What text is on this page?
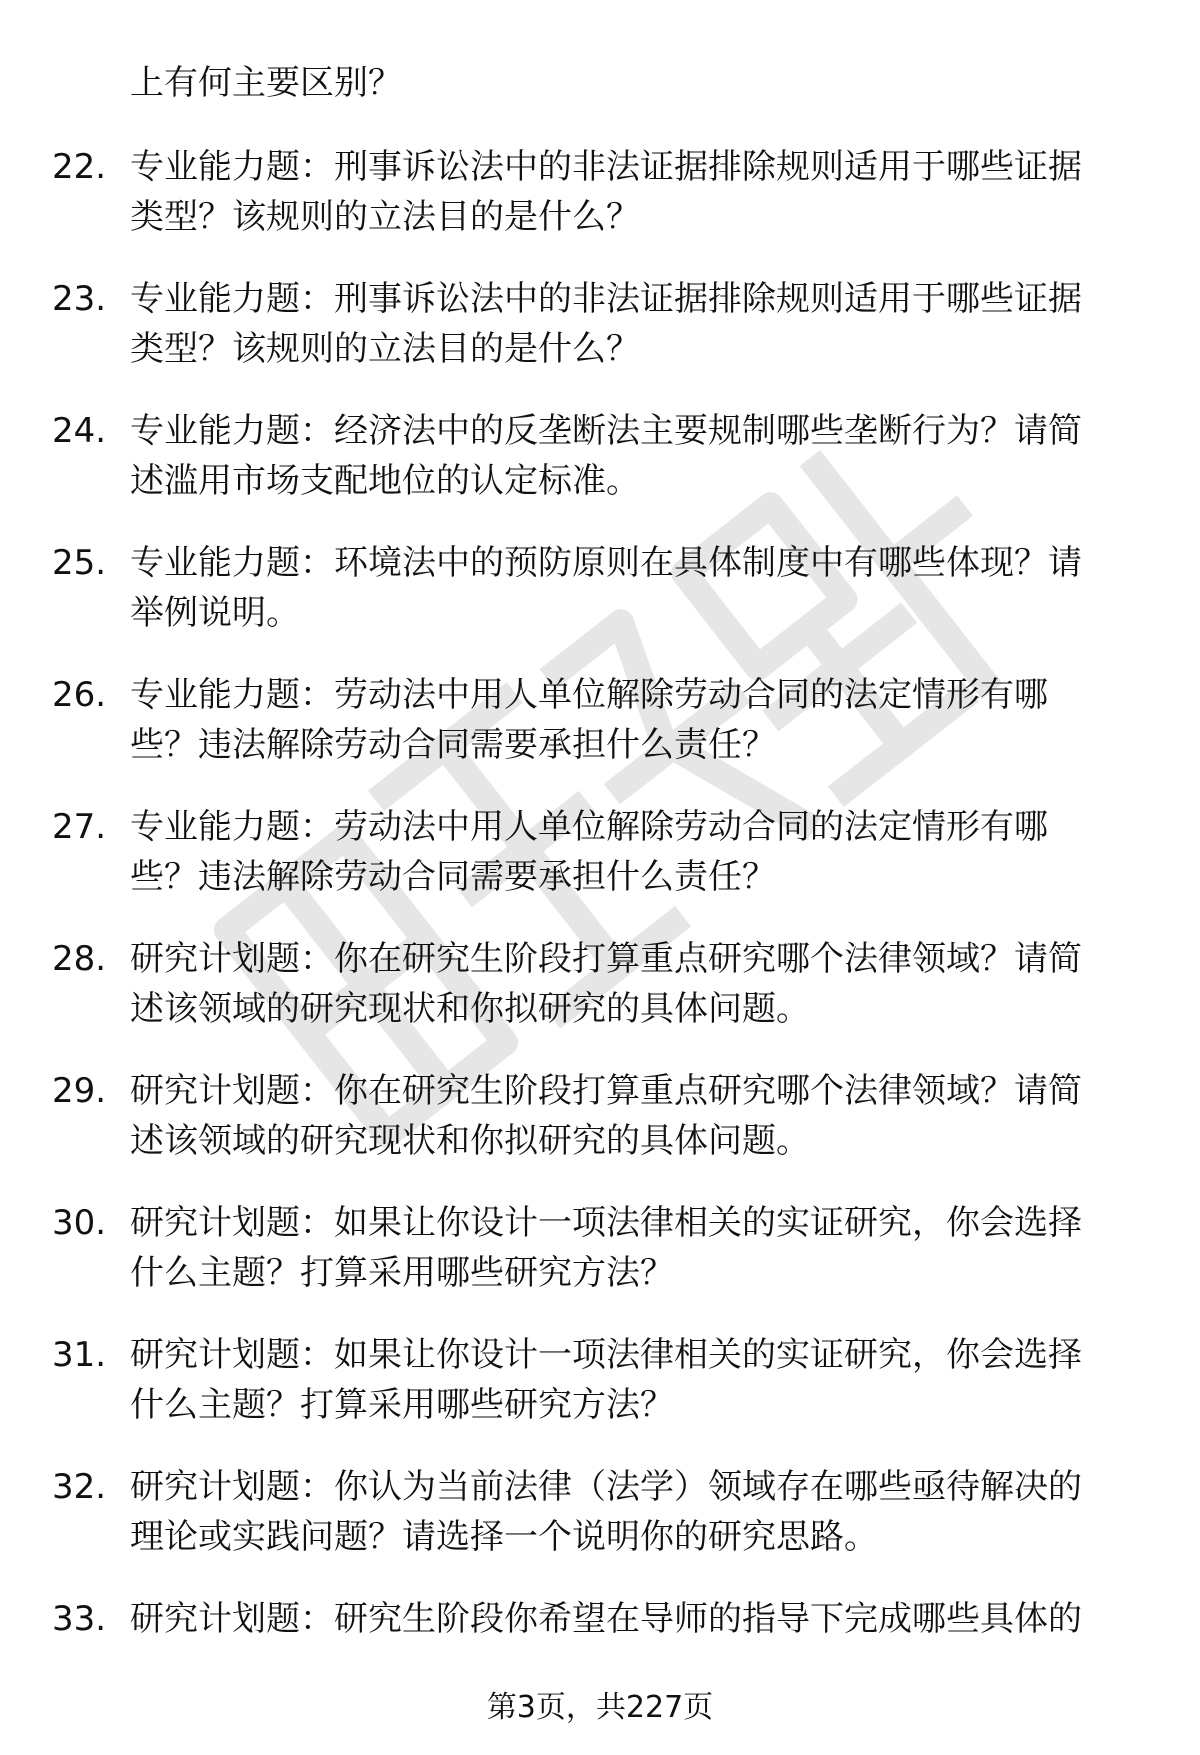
上有何主要区别？
22. 专业能力题：刑事诉讼法中的非法证据排除规则适用于哪些证据
类型？该规则的立法目的是什么？
23. 专业能力题：刑事诉讼法中的非法证据排除规则适用于哪些证据
类型？该规则的立法目的是什么？
24. 专业能力题：经济法中的反垄断法主要规制哪些垄断行为？请简
述滥用市场支配地位的认定标准。
25. 专业能力题：环境法中的预防原则在具体制度中有哪些体现？请
举例说明。
26. 专业能力题：劳动法中用人单位解除劳动合同的法定情形有哪
些？违法解除劳动合同需要承担什么责任？
27. 专业能力题：劳动法中用人单位解除劳动合同的法定情形有哪
些？违法解除劳动合同需要承担什么责任？
28. 研究计划题：你在研究生阶段打算重点研究哪个法律领域？请简
述该领域的研究现状和你拟研究的具体问题。
29. 研究计划题：你在研究生阶段打算重点研究哪个法律领域？请简
述该领域的研究现状和你拟研究的具体问题。
30. 研究计划题：如果让你设计一项法律相关的实证研究，你会选择
什么主题？打算采用哪些研究方法？
31. 研究计划题：如果让你设计一项法律相关的实证研究，你会选择
什么主题？打算采用哪些研究方法？
32. 研究计划题：你认为当前法律（法学）领域存在哪些亟待解决的
理论或实践问题？请选择一个说明你的研究思路。
33. 研究计划题：研究生阶段你希望在导师的指导下完成哪些具体的
第3页，共227页
